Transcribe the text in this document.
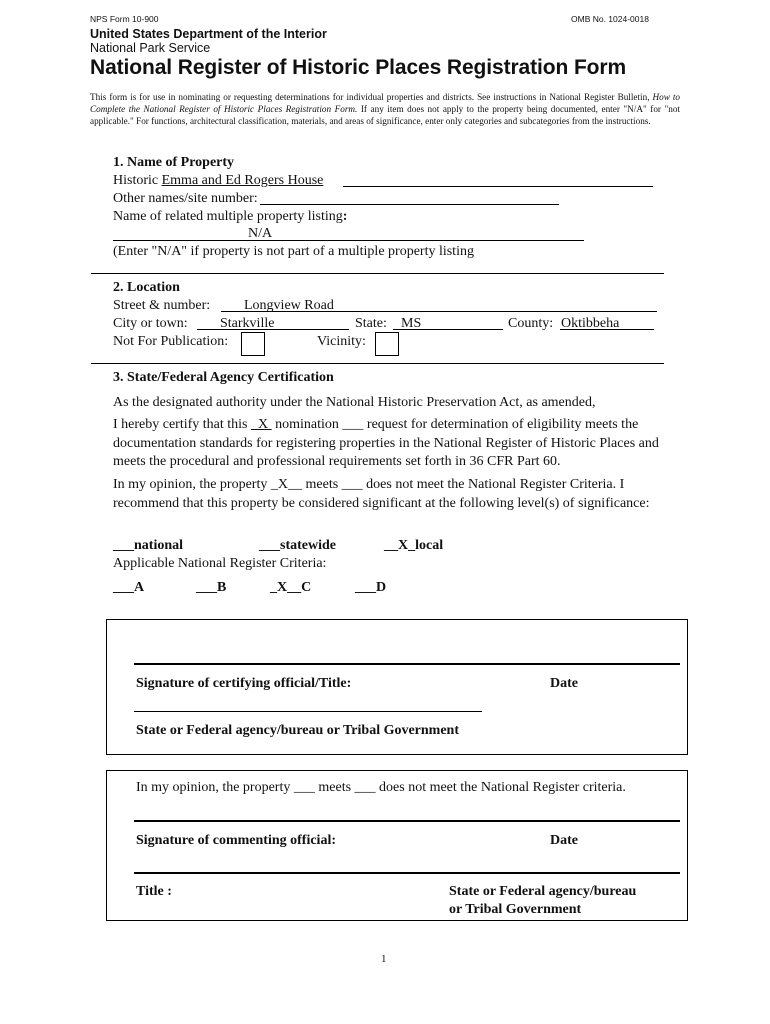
NPS Form 10-900	OMB No. 1024-0018
United States Department of the Interior
National Park Service
National Register of Historic Places Registration Form
This form is for use in nominating or requesting determinations for individual properties and districts. See instructions in National Register Bulletin, How to Complete the National Register of Historic Places Registration Form. If any item does not apply to the property being documented, enter "N/A" for "not applicable." For functions, architectural classification, materials, and areas of significance, enter only categories and subcategories from the instructions.
1. Name of Property
Historic Emma and Ed Rogers House
Other names/site number:
Name of related multiple property listing:
N/A
(Enter "N/A" if property is not part of a multiple property listing
2. Location
Street & number: Longview Road
City or town: Starkville	State: MS	County: Oktibbeha
Not For Publication:	Vicinity:
3. State/Federal Agency Certification
As the designated authority under the National Historic Preservation Act, as amended,
I hereby certify that this   X  nomination ___ request for determination of eligibility meets the documentation standards for registering properties in the National Register of Historic Places and meets the procedural and professional requirements set forth in 36 CFR Part 60.
In my opinion, the property _X__ meets ___ does not meet the National Register Criteria. I recommend that this property be considered significant at the following level(s) of significance:
___national	___statewide	__X_local
Applicable National Register Criteria:
___A	___B	_X__C	___D
Signature of certifying official/Title:	Date
State or Federal agency/bureau or Tribal Government
In my opinion, the property ___ meets ___ does not meet the National Register criteria.
Signature of commenting official:	Date
Title :	State or Federal agency/bureau
or Tribal Government
1
